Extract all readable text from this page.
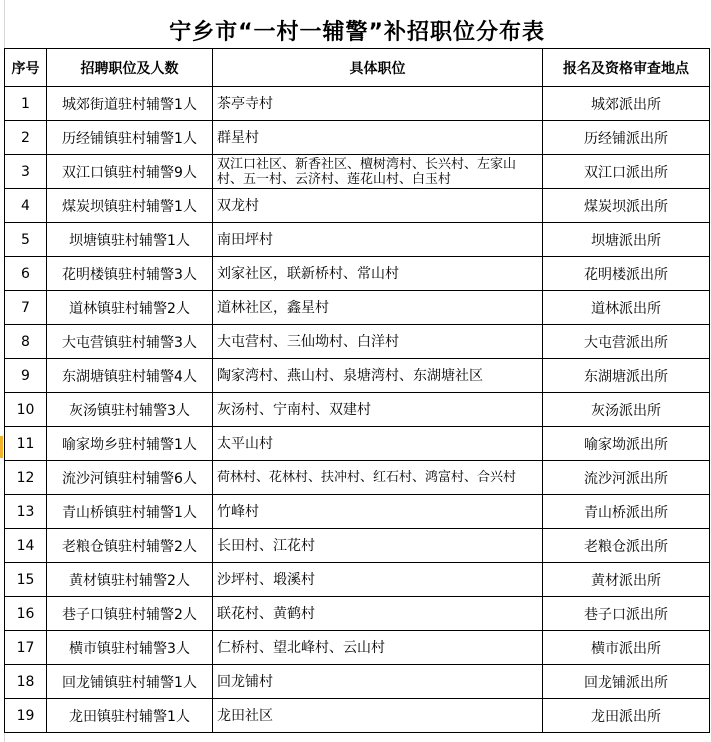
宁乡市“一村一辅警”补招职位分布表			
序号	招聘职位及人数	具体职位	报名及资格审查地点
1	城郊街道驻村辅警1人	茶亭寺村	城郊派出所
2	历经铺镇驻村辅警1人	群星村	历经铺派出所
3	双江口镇驻村辅警9人	双江口社区、新香社区、檀树湾村、长兴村、左家山村、五一村、云济村、莲花山村、白玉村	双江口派出所
4	煤炭坝镇驻村辅警1人	双龙村	煤炭坝派出所
5	坝塘镇驻村辅警1人	南田坪村	坝塘派出所
6	花明楼镇驻村辅警3人	刘家社区，联新桥村、常山村	花明楼派出所
7	道林镇驻村辅警2人	道林社区，鑫星村	道林派出所
8	大屯营镇驻村辅警3人	大屯营村、三仙坳村、白洋村	大屯营派出所
9	东湖塘镇驻村辅警4人	陶家湾村、燕山村、泉塘湾村、东湖塘社区	东湖塘派出所
10	灰汤镇驻村辅警3人	灰汤村、宁南村、双建村	灰汤派出所
11	喻家坳乡驻村辅警1人	太平山村	喻家坳派出所
12	流沙河镇驻村辅警6人	荷林村、花林村、扶冲村、红石村、鸿富村、合兴村	流沙河派出所
13	青山桥镇驻村辅警1人	竹峰村	青山桥派出所
14	老粮仓镇驻村辅警2人	长田村、江花村	老粮仓派出所
15	黄材镇驻村辅警2人	沙坪村、塅溪村	黄材派出所
16	巷子口镇驻村辅警2人	联花村、黄鹤村	巷子口派出所
17	横市镇驻村辅警3人	仁桥村、望北峰村、云山村	横市派出所
18	回龙铺镇驻村辅警1人	回龙铺村	回龙铺派出所
19	龙田镇驻村辅警1人	龙田社区	龙田派出所
